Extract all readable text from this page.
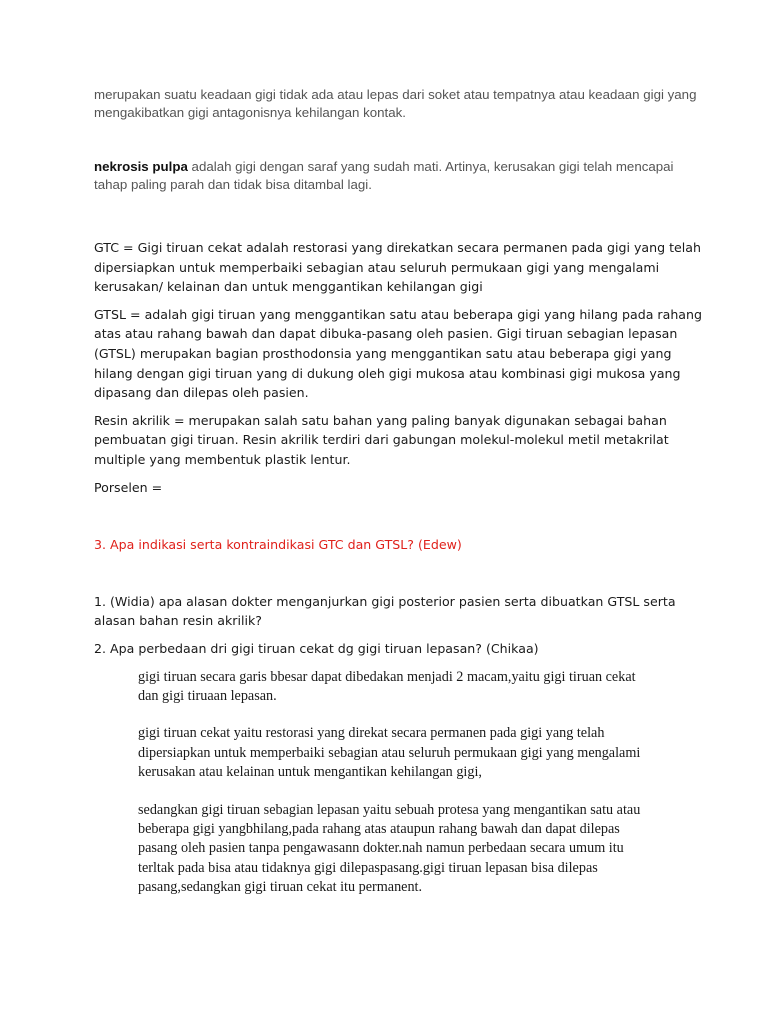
merupakan suatu keadaan gigi tidak ada atau lepas dari soket atau tempatnya atau keadaan gigi yang mengakibatkan gigi antagonisnya kehilangan kontak.

nekrosis pulpa adalah gigi dengan saraf yang sudah mati. Artinya, kerusakan gigi telah mencapai tahap paling parah dan tidak bisa ditambal lagi.

GTC = Gigi tiruan cekat adalah restorasi yang direkatkan secara permanen pada gigi yang telah dipersiapkan untuk memperbaiki sebagian atau seluruh permukaan gigi yang mengalami kerusakan/ kelainan dan untuk menggantikan kehilangan gigi

GTSL = adalah gigi tiruan yang menggantikan satu atau beberapa gigi yang hilang pada rahang atas atau rahang bawah dan dapat dibuka-pasang oleh pasien. Gigi tiruan sebagian lepasan (GTSL) merupakan bagian prosthodonsia yang menggantikan satu atau beberapa gigi yang hilang dengan gigi tiruan yang di dukung oleh gigi mukosa atau kombinasi gigi mukosa yang dipasang dan dilepas oleh pasien.

Resin akrilik = merupakan salah satu bahan yang paling banyak digunakan sebagai bahan pembuatan gigi tiruan. Resin akrilik terdiri dari gabungan molekul-molekul metil metakrilat multiple yang membentuk plastik lentur.

Porselen =

3. Apa indikasi serta kontraindikasi GTC dan GTSL? (Edew)

1. (Widia) apa alasan dokter menganjurkan gigi posterior pasien serta dibuatkan GTSL serta alasan bahan resin akrilik?

2. Apa perbedaan dri gigi tiruan cekat dg gigi tiruan lepasan? (Chikaa)

gigi tiruan secara garis bbesar dapat dibedakan menjadi 2 macam,yaitu gigi tiruan cekat dan gigi tiruaan lepasan.

gigi tiruan cekat yaitu restorasi yang direkat secara permanen pada gigi yang telah dipersiapkan untuk memperbaiki sebagian atau seluruh permukaan gigi yang mengalami kerusakan atau kelainan untuk mengantikan kehilangan gigi,

sedangkan gigi tiruan sebagian lepasan yaitu sebuah protesa yang mengantikan satu atau beberapa gigi yangbhilang,pada rahang atas ataupun rahang bawah dan dapat dilepas pasang oleh pasien tanpa pengawasann dokter.nah namun perbedaan secara umum itu terltak pada bisa atau tidaknya gigi dilepaspasang.gigi tiruan lepasan bisa dilepas pasang,sedangkan gigi tiruan cekat itu permanent.
